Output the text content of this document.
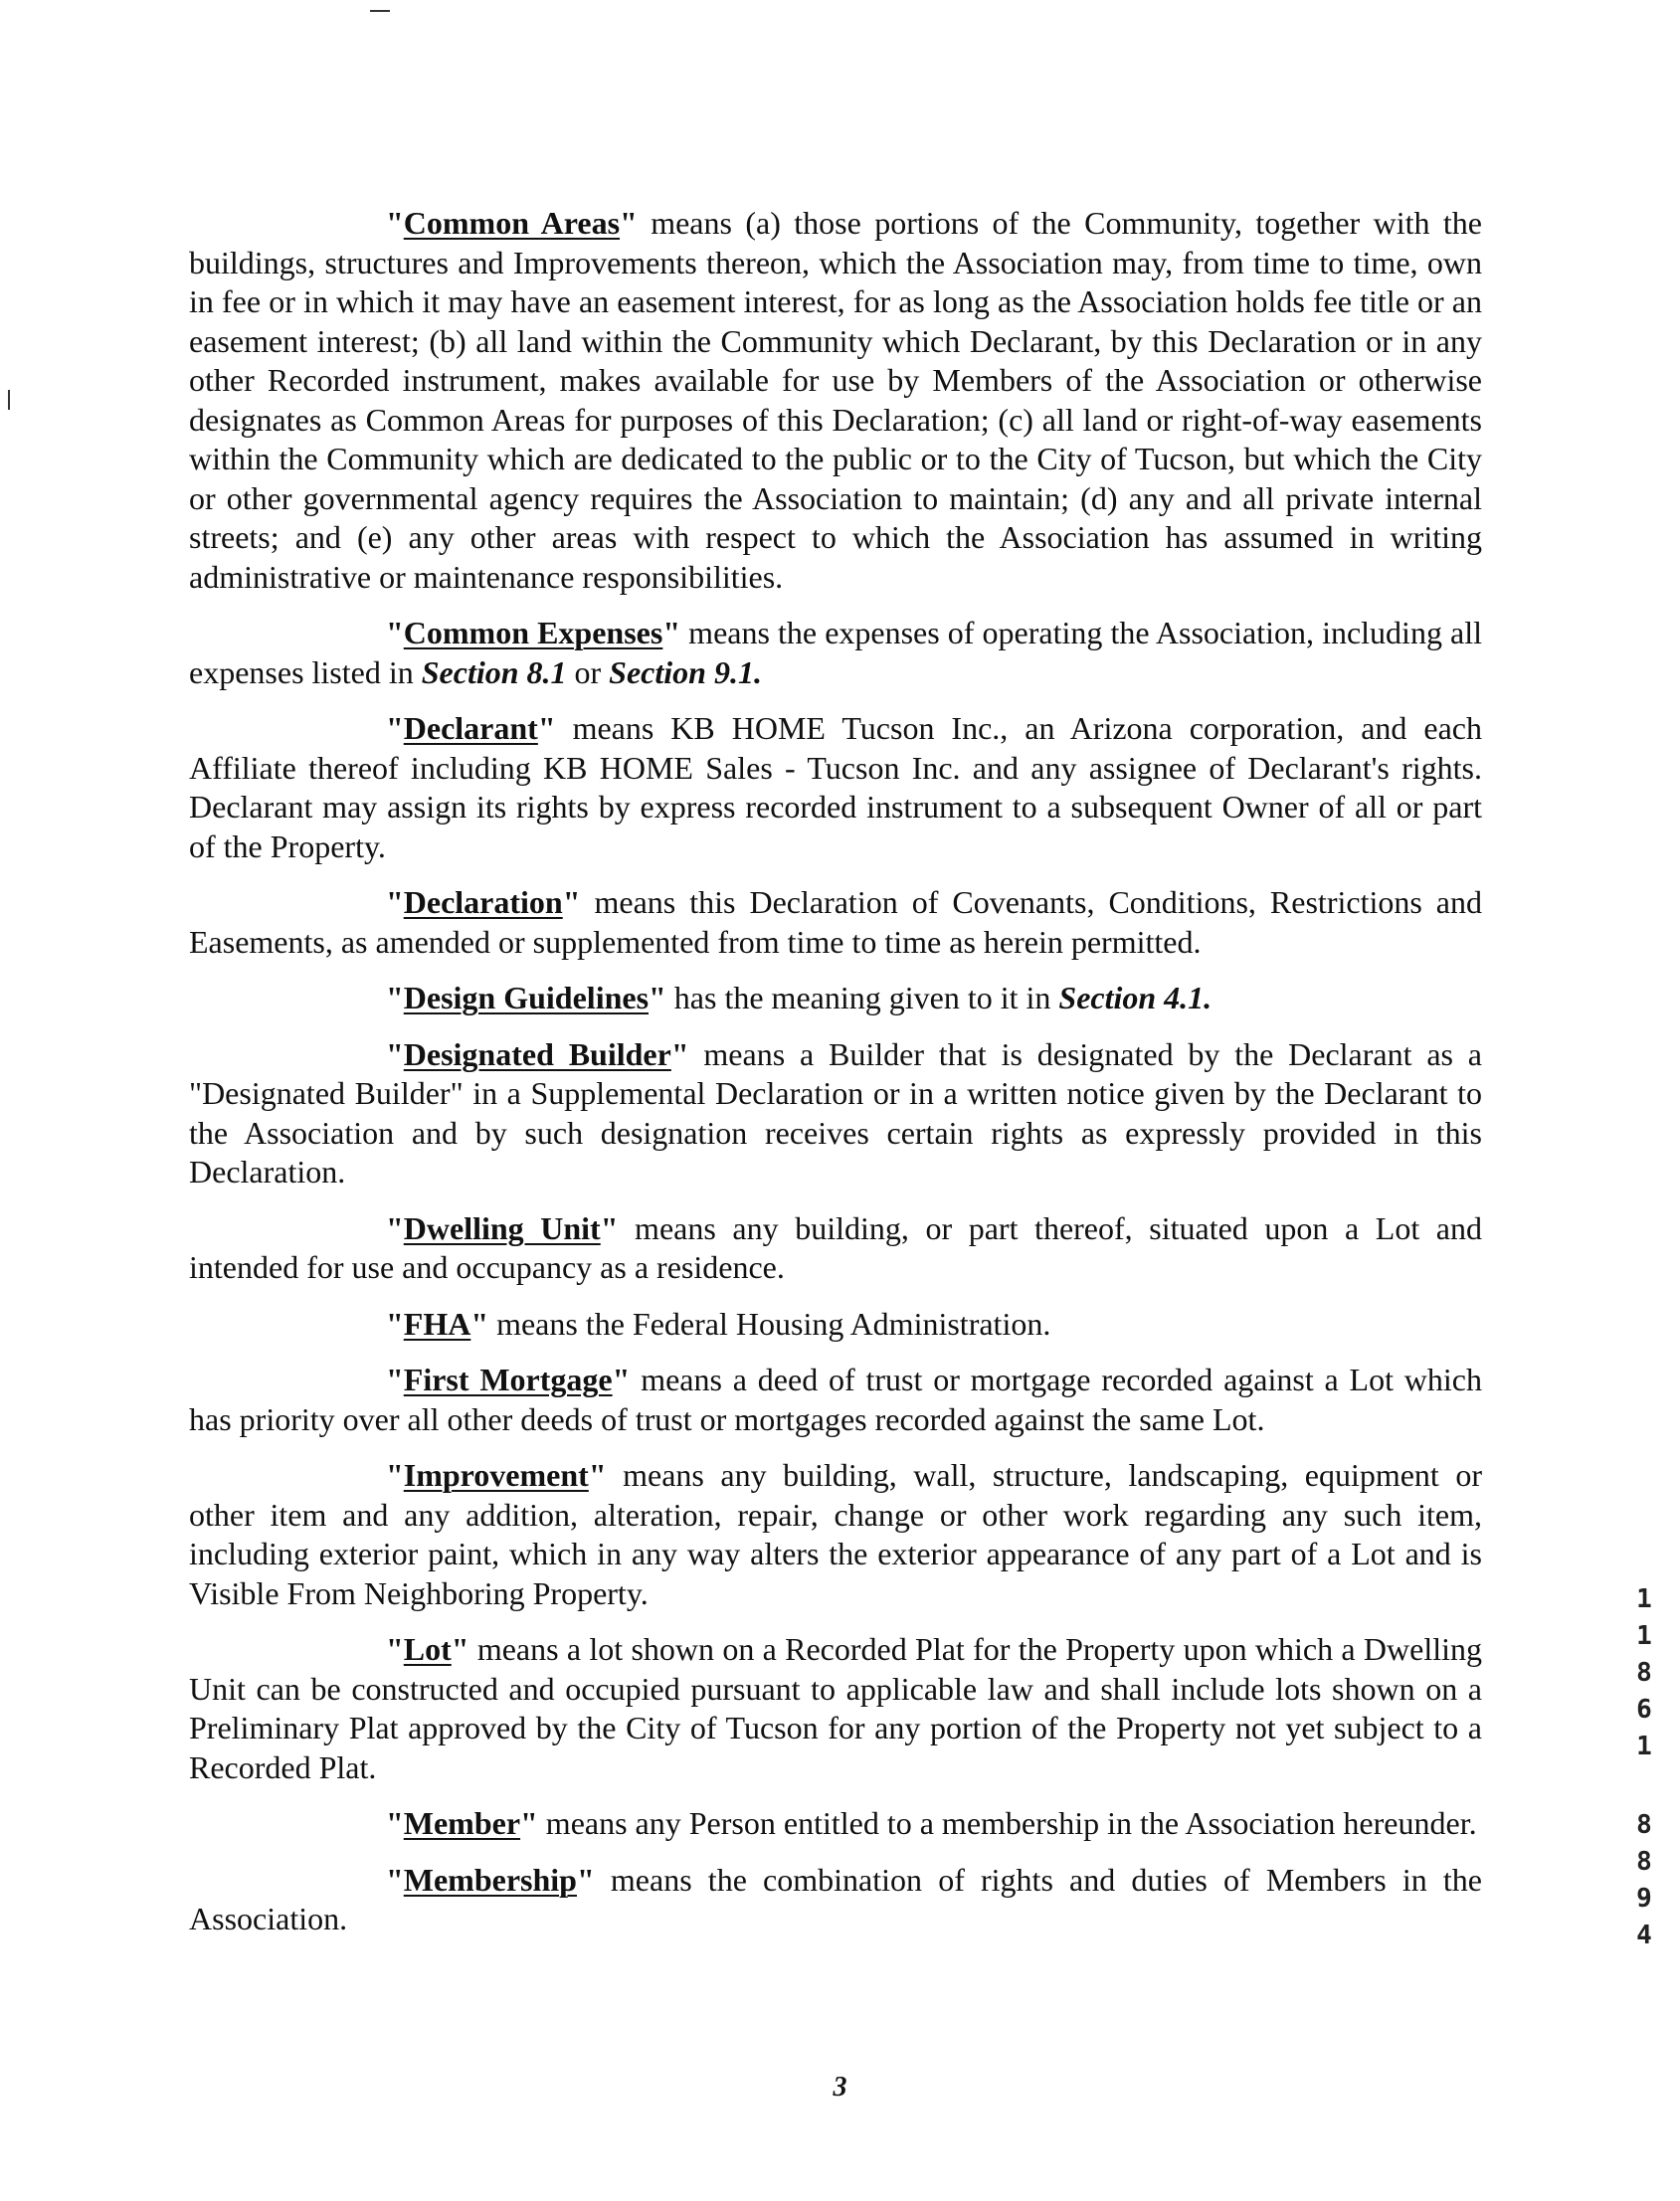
"Common Areas" means (a) those portions of the Community, together with the buildings, structures and Improvements thereon, which the Association may, from time to time, own in fee or in which it may have an easement interest, for as long as the Association holds fee title or an easement interest; (b) all land within the Community which Declarant, by this Declaration or in any other Recorded instrument, makes available for use by Members of the Association or otherwise designates as Common Areas for purposes of this Declaration; (c) all land or right-of-way easements within the Community which are dedicated to the public or to the City of Tucson, but which the City or other governmental agency requires the Association to maintain; (d) any and all private internal streets; and (e) any other areas with respect to which the Association has assumed in writing administrative or maintenance responsibilities.

"Common Expenses" means the expenses of operating the Association, including all expenses listed in Section 8.1 or Section 9.1.

"Declarant" means KB HOME Tucson Inc., an Arizona corporation, and each Affiliate thereof including KB HOME Sales - Tucson Inc. and any assignee of Declarant's rights. Declarant may assign its rights by express recorded instrument to a subsequent Owner of all or part of the Property.

"Declaration" means this Declaration of Covenants, Conditions, Restrictions and Easements, as amended or supplemented from time to time as herein permitted.

"Design Guidelines" has the meaning given to it in Section 4.1.

"Designated Builder" means a Builder that is designated by the Declarant as a "Designated Builder" in a Supplemental Declaration or in a written notice given by the Declarant to the Association and by such designation receives certain rights as expressly provided in this Declaration.

"Dwelling Unit" means any building, or part thereof, situated upon a Lot and intended for use and occupancy as a residence.

"FHA" means the Federal Housing Administration.

"First Mortgage" means a deed of trust or mortgage recorded against a Lot which has priority over all other deeds of trust or mortgages recorded against the same Lot.

"Improvement" means any building, wall, structure, landscaping, equipment or other item and any addition, alteration, repair, change or other work regarding any such item, including exterior paint, which in any way alters the exterior appearance of any part of a Lot and is Visible From Neighboring Property.

"Lot" means a lot shown on a Recorded Plat for the Property upon which a Dwelling Unit can be constructed and occupied pursuant to applicable law and shall include lots shown on a Preliminary Plat approved by the City of Tucson for any portion of the Property not yet subject to a Recorded Plat.

"Member" means any Person entitled to a membership in the Association hereunder.

"Membership" means the combination of rights and duties of Members in the Association.

1
1
8
6
1
8
8
9
4
3
